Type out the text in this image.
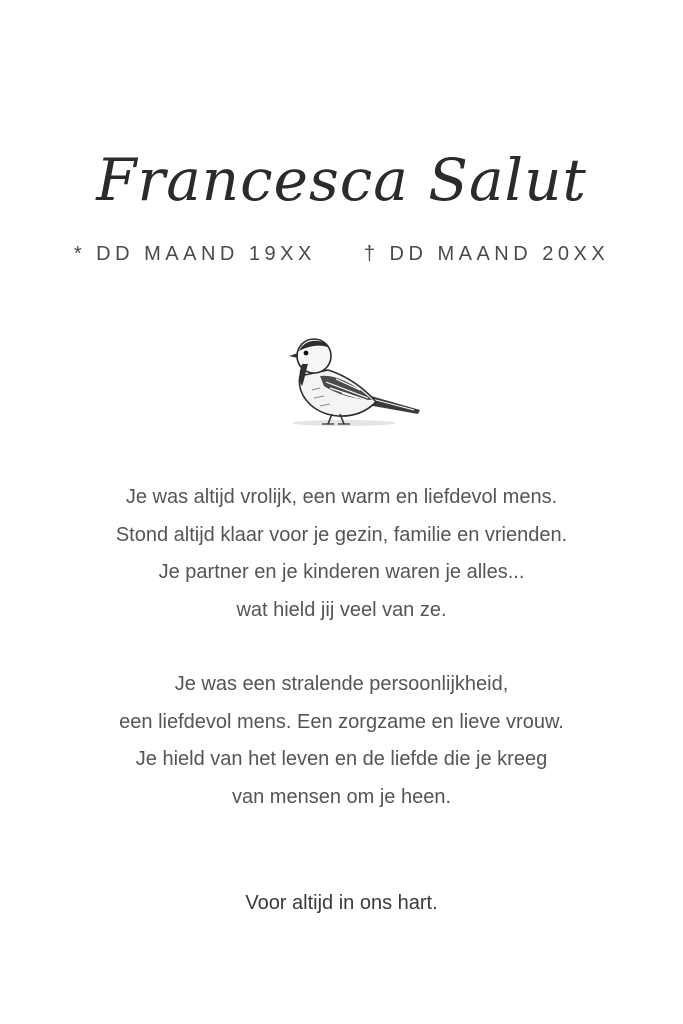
Francesca Salut
* DD MAAND 19XX † DD MAAND 20XX
Je was altijd vrolijk, een warm en liefdevol mens.
Stond altijd klaar voor je gezin, familie en vrienden.
Je partner en je kinderen waren je alles...
wat hield jij veel van ze.
Je was een stralende persoonlijkheid,
een liefdevol mens. Een zorgzame en lieve vrouw.
Je hield van het leven en de liefde die je kreeg
van mensen om je heen.
Voor altijd in ons hart.
